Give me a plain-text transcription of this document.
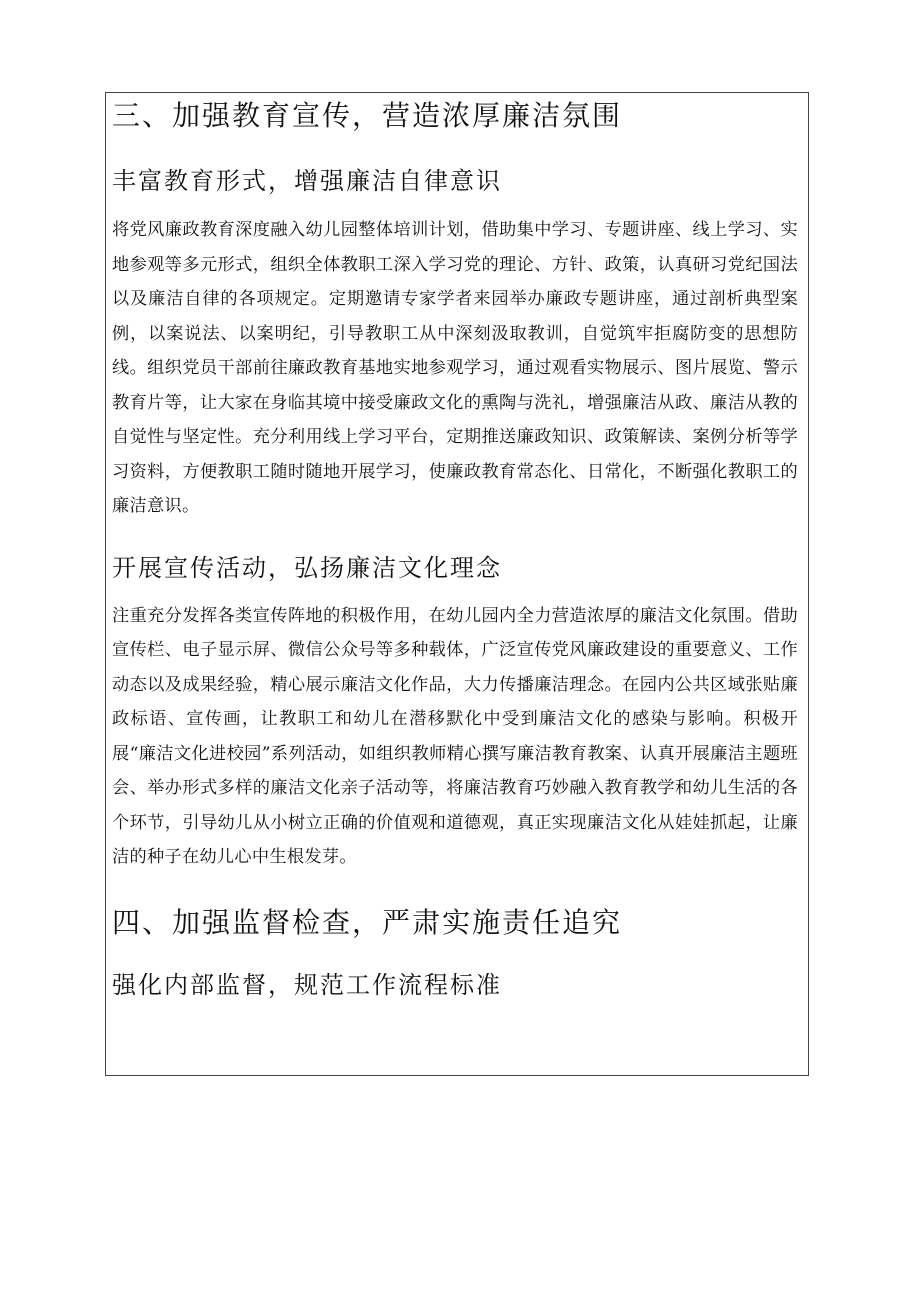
三、加强教育宣传，营造浓厚廉洁氛围
丰富教育形式，增强廉洁自律意识

将党风廉政教育深度融入幼儿园整体培训计划，借助集中学习、专题讲座、线上学习、实地参观等多元形式，组织全体教职工深入学习党的理论、方针、政策，认真研习党纪国法以及廉洁自律的各项规定。定期邀请专家学者来园举办廉政专题讲座，通过剖析典型案例，以案说法、以案明纪，引导教职工从中深刻汲取教训，自觉筑牢拒腐防变的思想防线。组织党员干部前往廉政教育基地实地参观学习，通过观看实物展示、图片展览、警示教育片等，让大家在身临其境中接受廉政文化的熏陶与洗礼，增强廉洁从政、廉洁从教的自觉性与坚定性。充分利用线上学习平台，定期推送廉政知识、政策解读、案例分析等学习资料，方便教职工随时随地开展学习，使廉政教育常态化、日常化，不断强化教职工的廉洁意识。

开展宣传活动，弘扬廉洁文化理念

注重充分发挥各类宣传阵地的积极作用，在幼儿园内全力营造浓厚的廉洁文化氛围。借助宣传栏、电子显示屏、微信公众号等多种载体，广泛宣传党风廉政建设的重要意义、工作动态以及成果经验，精心展示廉洁文化作品，大力传播廉洁理念。在园内公共区域张贴廉政标语、宣传画，让教职工和幼儿在潜移默化中受到廉洁文化的感染与影响。积极开展“廉洁文化进校园”系列活动，如组织教师精心撰写廉洁教育教案、认真开展廉洁主题班会、举办形式多样的廉洁文化亲子活动等，将廉洁教育巧妙融入教育教学和幼儿生活的各个环节，引导幼儿从小树立正确的价值观和道德观，真正实现廉洁文化从娃娃抓起，让廉洁的种子在幼儿心中生根发芽。

四、加强监督检查，严肃实施责任追究
强化内部监督，规范工作流程标准
